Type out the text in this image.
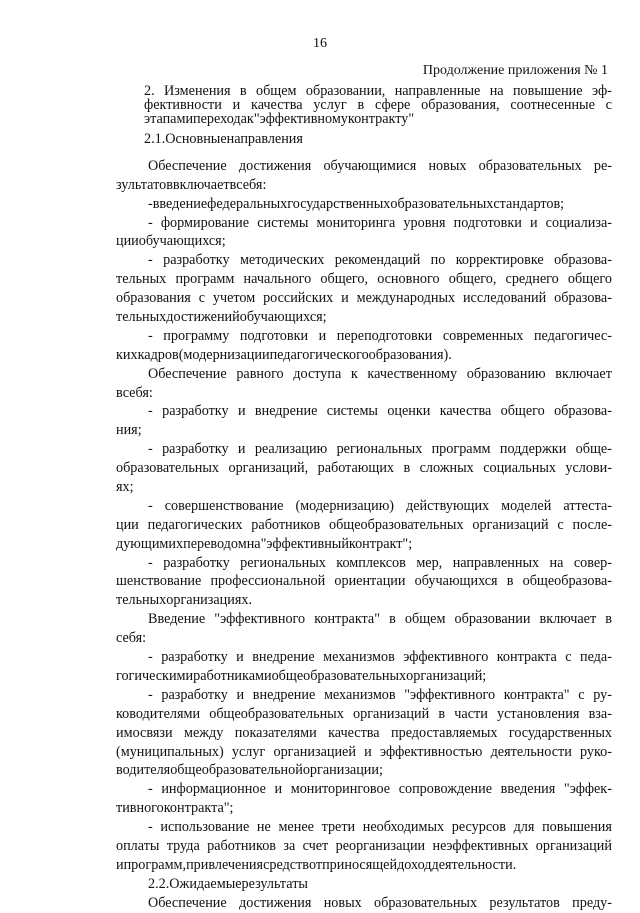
16
Продолжение приложения № 1
2. Изменения в общем образовании, направленные на повышение эф-
фективности и качества услуг в сфере образования, соотнесенные с
этапами перехода к "эффективному контракту"
2.1. Основные направления
Обеспечение достижения обучающимися новых образовательных ре-
зультатов включает в себя:
- введение федеральных государственных образовательных стандартов;
- формирование системы мониторинга уровня подготовки и социализа-
ции обучающихся;
- разработку методических рекомендаций по корректировке образова-
тельных программ начального общего, основного общего, среднего общего
образования с учетом российских и международных исследований образова-
тельных достижений обучающихся;
- программу подготовки и переподготовки современных педагогичес-
ких кадров (модернизации педагогического образования).
Обеспечение равного доступа к качественному образованию включает
в себя:
- разработку и внедрение системы оценки качества общего образова-
ния;
- разработку и реализацию региональных программ поддержки обще-
образовательных организаций, работающих в сложных социальных услови-
ях;
- совершенствование (модернизацию) действующих моделей аттеста-
ции педагогических работников общеобразовательных организаций с после-
дующим их переводом на "эффективный контракт";
- разработку региональных комплексов мер, направленных на совер-
шенствование профессиональной ориентации обучающихся в общеобразова-
тельных организациях.
Введение "эффективного контракта" в общем образовании включает в
себя:
- разработку и внедрение механизмов эффективного контракта с педа-
гогическими работниками общеобразовательных организаций;
- разработку и внедрение механизмов "эффективного контракта" с ру-
ководителями общеобразовательных организаций в части установления вза-
имосвязи между показателями качества предоставляемых государственных
(муниципальных) услуг организацией и эффективностью деятельности руко-
водителя общеобразовательной организации;
- информационное и мониторинговое сопровождение введения "эффек-
тивного контракта";
- использование не менее трети необходимых ресурсов для повышения
оплаты труда работников за счет реорганизации неэффективных организаций
и программ, привлечения средств от приносящей доход деятельности.
2.2. Ожидаемые результаты
Обеспечение достижения новых образовательных результатов преду-
